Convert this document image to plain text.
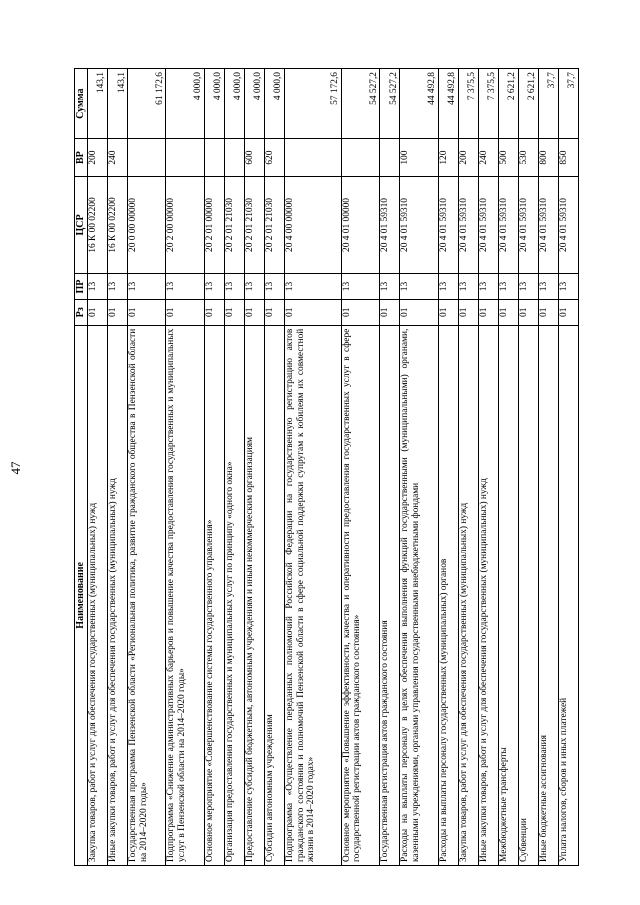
47
Наименование	Рз	ПР	ЦСР	ВР	Сумма
Закупка товаров, работ и услуг для обеспечения государственных (муниципальных) нужд	01	13	16 К 00 02200	200	143,1
Иные закупки товаров, работ и услуг для обеспечения государственных (муниципальных) нужд	01	13	16 К 00 02200	240	143,1
Государственная программа Пензенской области «Региональная политика, развитие гражданского общества в Пензенской области на 2014–2020 годы»	01	13	20 0 00 00000		61 172,6
Подпрограмма «Снижение административных барьеров и повышение качества предоставления государственных и муниципальных услуг в Пензенской области на 2014–2020 годы»	01	13	20 2 00 00000		4 000,0
Основное мероприятие «Совершенствование системы государственного управления»	01	13	20 2 01 00000		4 000,0
Организация предоставления государственных и муниципальных услуг по принципу «одного окна»	01	13	20 2 01 21030		4 000,0
Предоставление субсидий бюджетным, автономным учреждениям и иным некоммерческим организациям	01	13	20 2 01 21030	600	4 000,0
Субсидии автономным учреждениям	01	13	20 2 01 21030	620	4 000,0
Подпрограмма «Осуществление переданных полномочий Российской Федерации на государственную регистрацию актов гражданского состояния и полномочий Пензенской области в сфере социальной поддержки супругам к юбилеям их совместной жизни в 2014–2020 годах»	01	13	20 4 00 00000		57 172,6
Основное мероприятие «Повышение эффективности, качества и оперативности предоставления государственных услуг в сфере государственной регистрации актов гражданского состояния»	01	13	20 4 01 00000		54 527,2
Государственная регистрация актов гражданского состояния	01	13	20 4 01 59310		54 527,2
Расходы на выплаты персоналу в целях обеспечения выполнения функций государственными (муниципальными) органами, казенными учреждениями, органами управления государственными внебюджетными фондами	01	13	20 4 01 59310	100	44 492,8
Расходы на выплаты персоналу государственных (муниципальных) органов	01	13	20 4 01 59310	120	44 492,8
Закупка товаров, работ и услуг для обеспечения государственных (муниципальных) нужд	01	13	20 4 01 59310	200	7 375,5
Иные закупки товаров, работ и услуг для обеспечения государственных (муниципальных) нужд	01	13	20 4 01 59310	240	7 375,5
Межбюджетные трансферты	01	13	20 4 01 59310	500	2 621,2
Субвенции	01	13	20 4 01 59310	530	2 621,2
Иные бюджетные ассигнования	01	13	20 4 01 59310	800	37,7
Уплата налогов, сборов и иных платежей	01	13	20 4 01 59310	850	37,7
